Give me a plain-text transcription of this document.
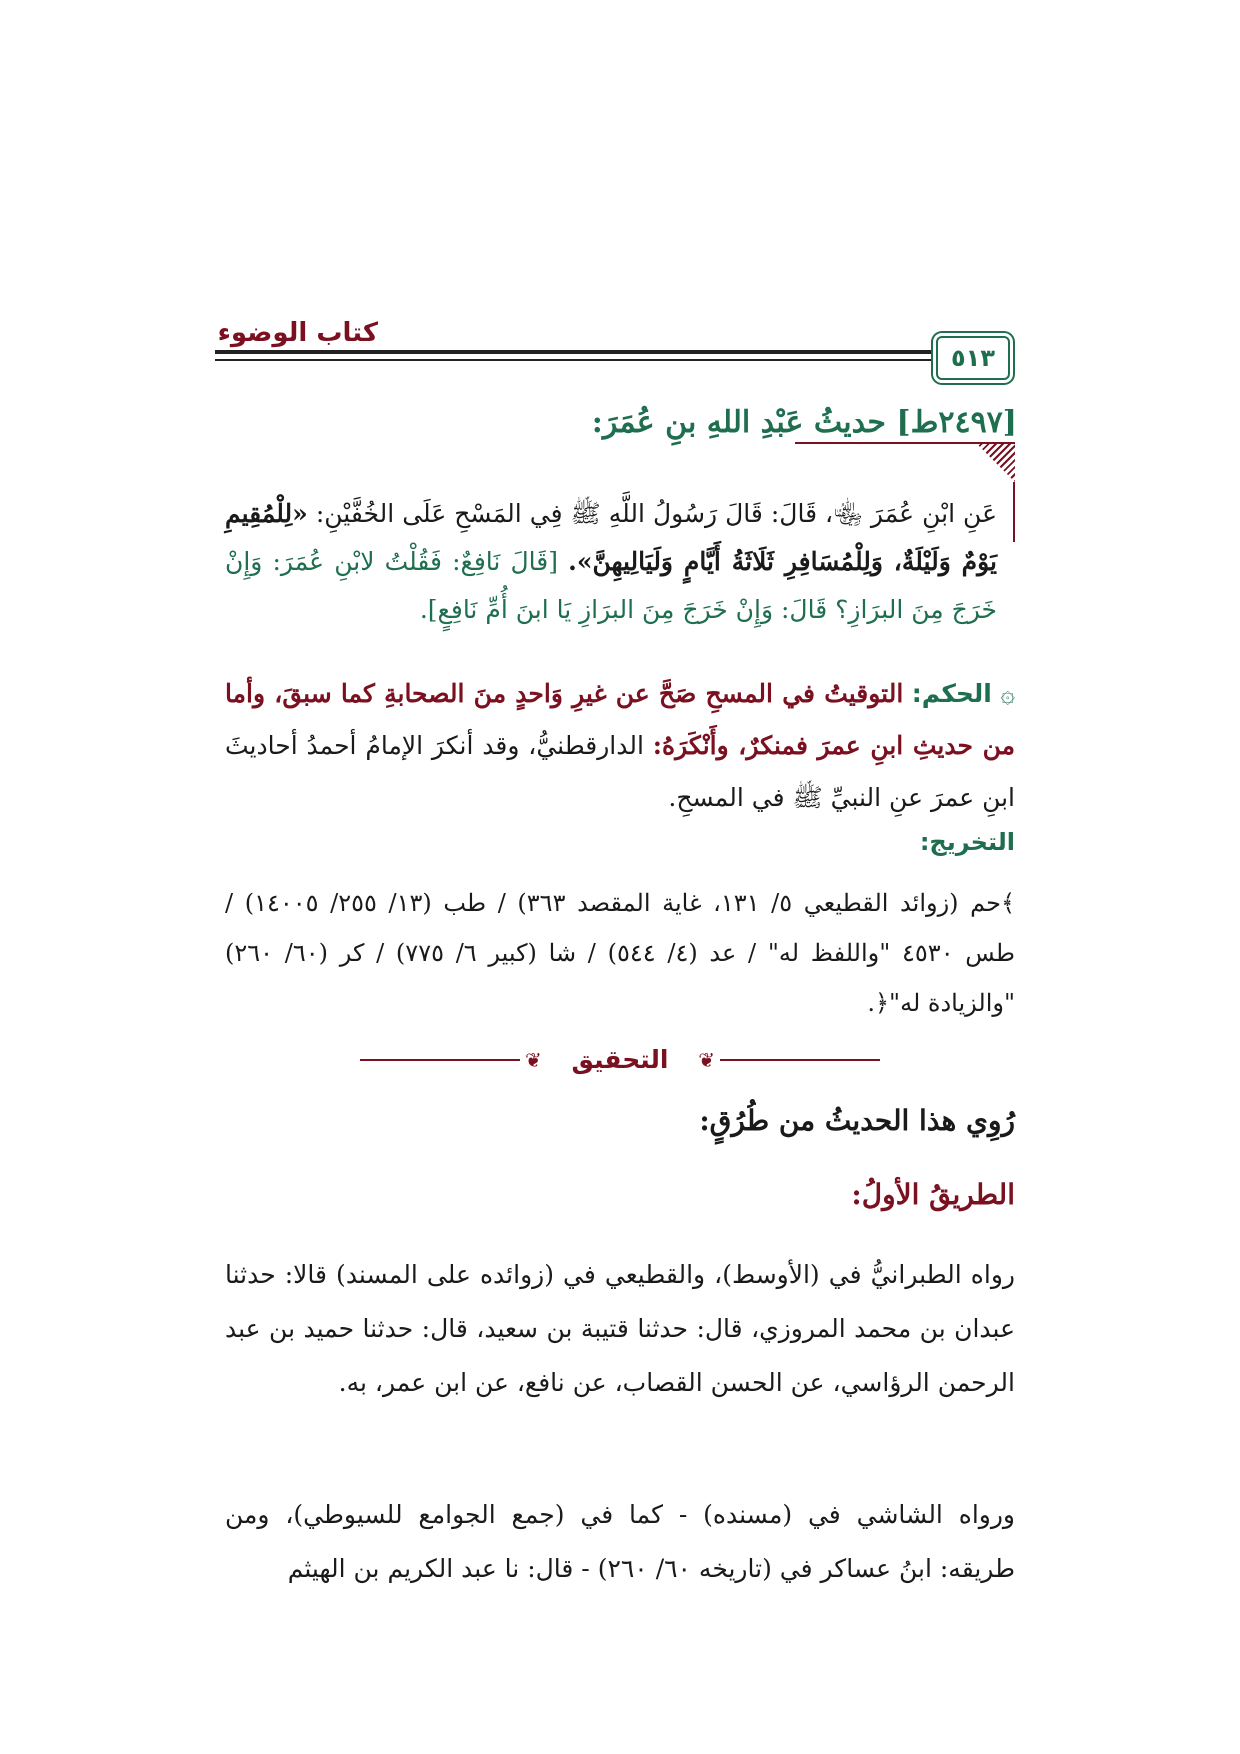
كتاب الوضوء
٥١٣
[٢٤٩٧ط] حديثُ عَبْدِ اللهِ بنِ عُمَرَ:
عَنِ ابْنِ عُمَرَ ﵄، قَالَ: قَالَ رَسُولُ اللَّهِ ﷺ فِي المَسْحِ عَلَى الخُفَّيْنِ: «لِلْمُقِيمِ يَوْمٌ وَلَيْلَةٌ، وَلِلْمُسَافِرِ ثَلَاثَةُ أَيَّامٍ وَلَيَالِيهِنَّ». [قَالَ نَافِعٌ: فَقُلْتُ لابْنِ عُمَرَ: وَإِنْ خَرَجَ مِنَ البرَازِ؟ قَالَ: وَإِنْ خَرَجَ مِنَ البرَازِ يَا ابنَ أُمِّ نَافِعٍ].
۞ الحكم: التوقيتُ في المسحِ صَحَّ عن غيرِ وَاحدٍ منَ الصحابةِ كما سبقَ، وأما من حديثِ ابنِ عمرَ فمنكرٌ، وأَنْكَرَهُ: الدارقطنيُّ، وقد أنكرَ الإمامُ أحمدُ أحاديثَ ابنِ عمرَ عنِ النبيِّ ﷺ في المسحِ.
التخريج:
﴾حم (زوائد القطيعي ٥/ ١٣١، غاية المقصد ٣٦٣) / طب (١٣/ ٢٥٥/ ١٤٠٠٥) / طس ٤٥٣٠ "واللفظ له" / عد (٤/ ٥٤٤) / شا (كبير ٦/ ٧٧٥) / كر (٦٠/ ٢٦٠) "والزيادة له"﴿.
❦	التحقيق	❦
رُوِي هذا الحديثُ من طُرُقٍ:
الطريقُ الأولُ:
رواه الطبرانيُّ في (الأوسط)، والقطيعي في (زوائده على المسند) قالا: حدثنا عبدان بن محمد المروزي، قال: حدثنا قتيبة بن سعيد، قال: حدثنا حميد بن عبد الرحمن الرؤاسي، عن الحسن القصاب، عن نافع، عن ابن عمر، به.
ورواه الشاشي في (مسنده) - كما في (جمع الجوامع للسيوطي)، ومن طريقه: ابنُ عساكر في (تاريخه ٦٠/ ٢٦٠) - قال: نا عبد الكريم بن الهيثم
